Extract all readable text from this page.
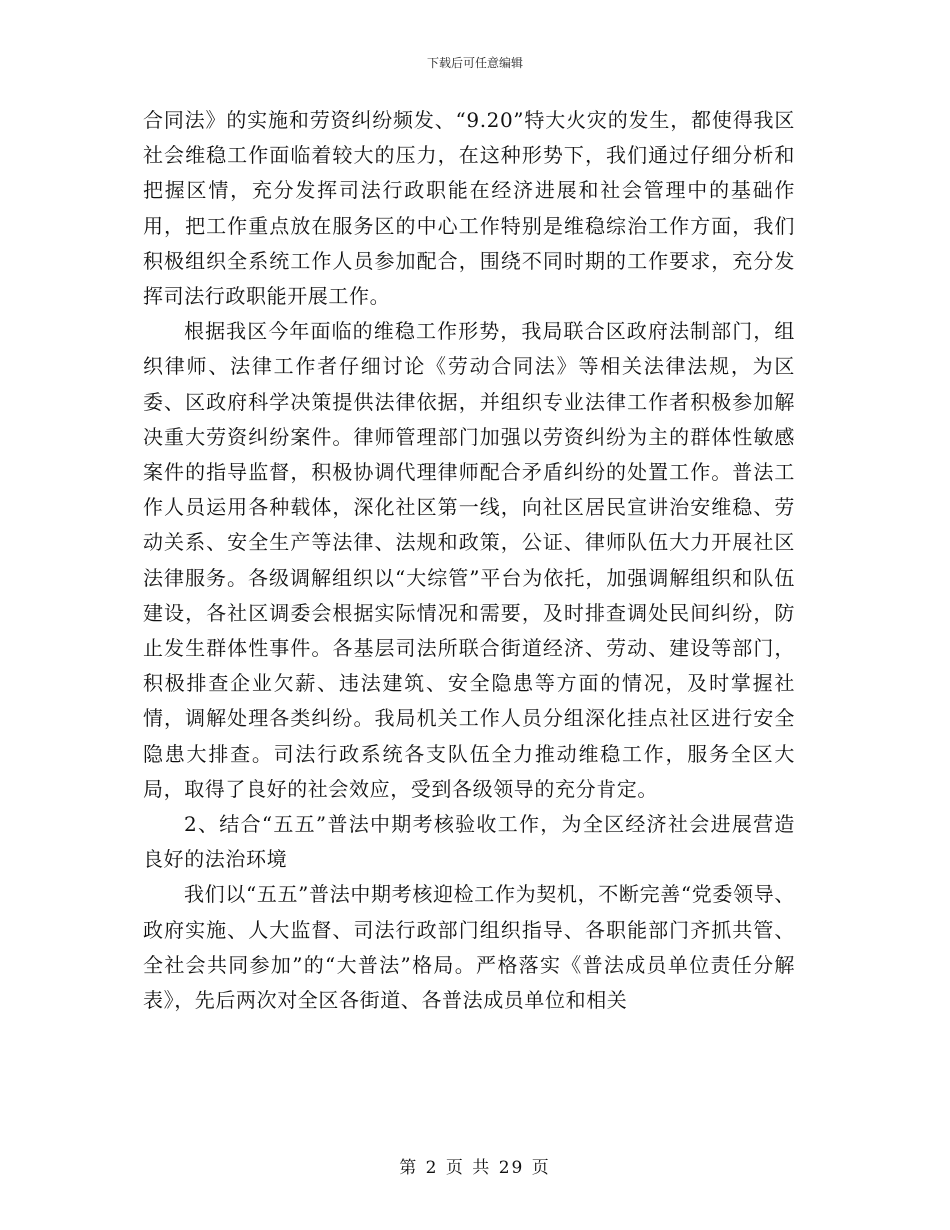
下载后可任意编辑

合同法》的实施和劳资纠纷频发、“9.20”特大火灾的发生，都使得我区社会维稳工作面临着较大的压力，在这种形势下，我们通过仔细分析和把握区情，充分发挥司法行政职能在经济进展和社会管理中的基础作用，把工作重点放在服务区的中心工作特别是维稳综治工作方面，我们积极组织全系统工作人员参加配合，围绕不同时期的工作要求，充分发挥司法行政职能开展工作。

根据我区今年面临的维稳工作形势，我局联合区政府法制部门，组织律师、法律工作者仔细讨论《劳动合同法》等相关法律法规，为区委、区政府科学决策提供法律依据，并组织专业法律工作者积极参加解决重大劳资纠纷案件。律师管理部门加强以劳资纠纷为主的群体性敏感案件的指导监督，积极协调代理律师配合矛盾纠纷的处置工作。普法工作人员运用各种载体，深化社区第一线，向社区居民宣讲治安维稳、劳动关系、安全生产等法律、法规和政策，公证、律师队伍大力开展社区法律服务。各级调解组织以“大综管”平台为依托，加强调解组织和队伍建设，各社区调委会根据实际情况和需要，及时排查调处民间纠纷，防止发生群体性事件。各基层司法所联合街道经济、劳动、建设等部门，积极排查企业欠薪、违法建筑、安全隐患等方面的情况，及时掌握社情，调解处理各类纠纷。我局机关工作人员分组深化挂点社区进行安全隐患大排查。司法行政系统各支队伍全力推动维稳工作，服务全区大局，取得了良好的社会效应，受到各级领导的充分肯定。

2、结合“五五”普法中期考核验收工作，为全区经济社会进展营造良好的法治环境

我们以“五五”普法中期考核迎检工作为契机，不断完善“党委领导、政府实施、人大监督、司法行政部门组织指导、各职能部门齐抓共管、全社会共同参加”的“大普法”格局。严格落实《普法成员单位责任分解表》，先后两次对全区各街道、各普法成员单位和相关

第 2 页 共 29 页
